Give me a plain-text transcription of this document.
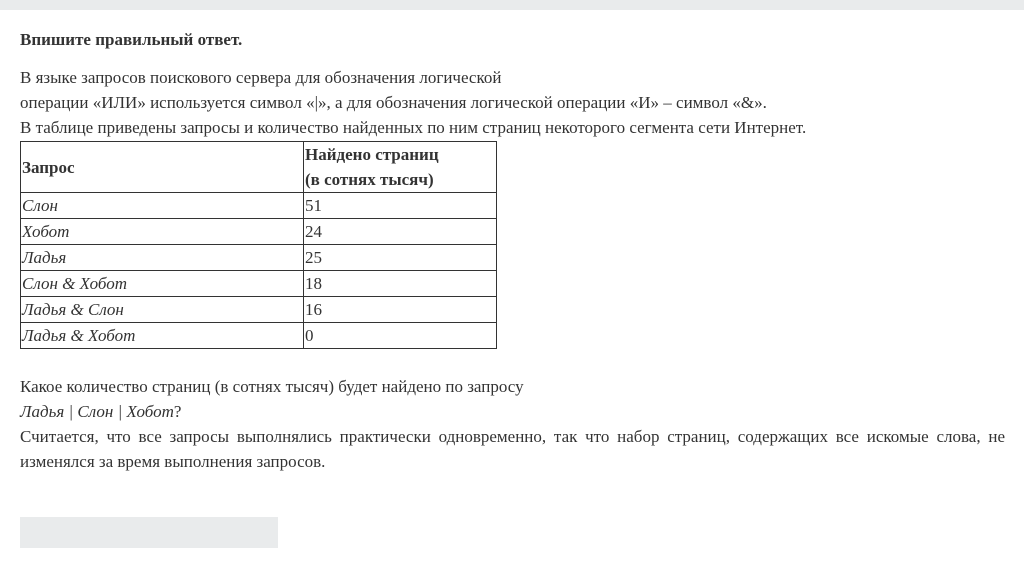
Впишите правильный ответ.

В языке запросов поискового сервера для обозначения логической
операции «ИЛИ» используется символ «|», а для обозначения логической операции «И» – символ «&».
В таблице приведены запросы и количество найденных по ним страниц некоторого сегмента сети Интернет.
Запрос	Найдено страниц
(в сотнях тысяч)

Слон	51
Хобот	24
Ладья	25
Слон & Хобот	18
Ладья & Слон	16
Ладья & Хобот	0
Какое количество страниц (в сотнях тысяч) будет найдено по запросу
Ладья | Слон | Хобот?
Считается, что все запросы выполнялись практически одновременно, так что набор страниц, содержащих все искомые слова, не изменялся за время выполнения запросов.
